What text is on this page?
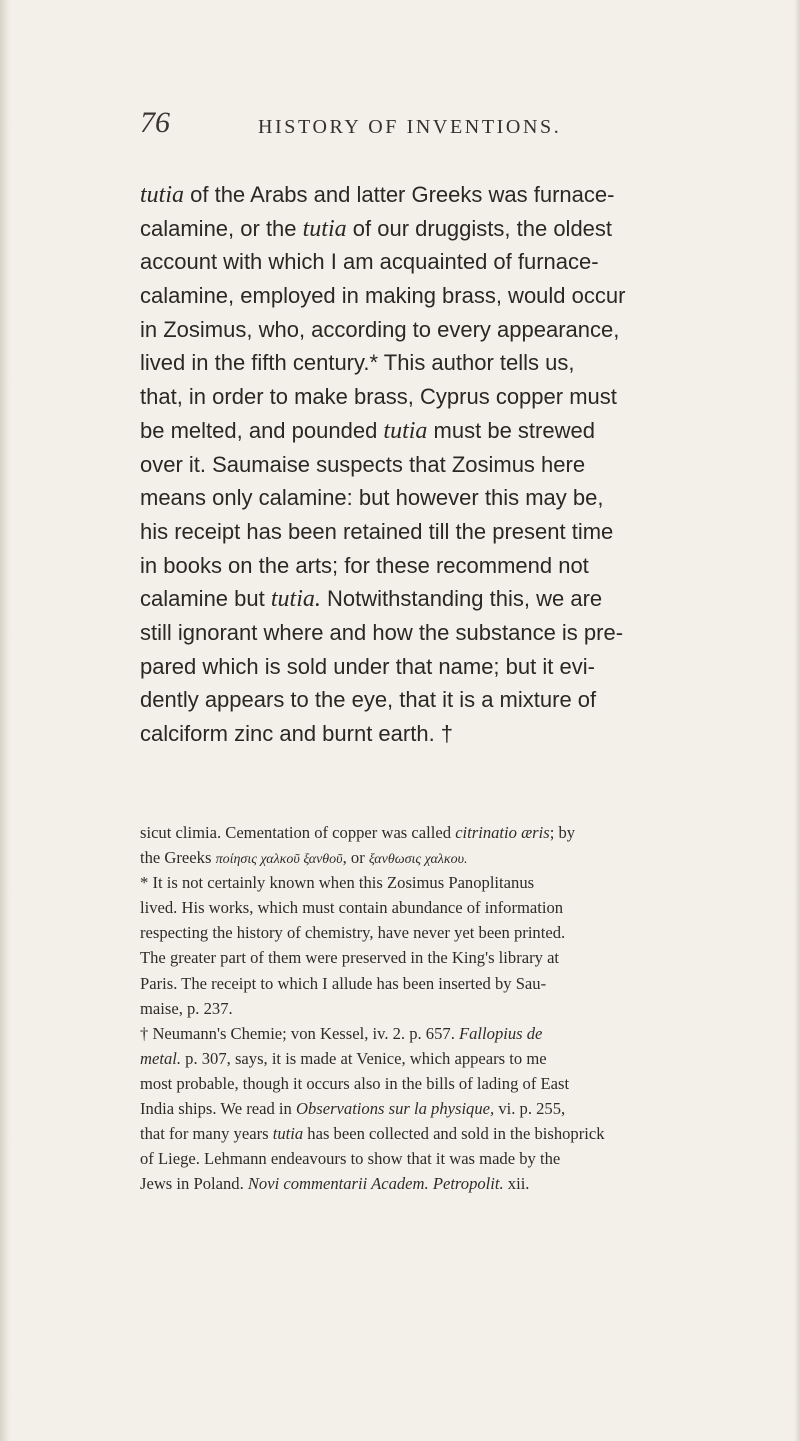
76	HISTORY OF INVENTIONS.
tutia of the Arabs and latter Greeks was furnace-
calamine, or the tutia of our druggists, the oldest
account with which I am acquainted of furnace-
calamine, employed in making brass, would occur
in Zosimus, who, according to every appearance,
lived in the fifth century.* This author tells us,
that, in order to make brass, Cyprus copper must
be melted, and pounded tutia must be strewed
over it. Saumaise suspects that Zosimus here
means only calamine: but however this may be,
his receipt has been retained till the present time
in books on the arts; for these recommend not
calamine but tutia. Notwithstanding this, we are
still ignorant where and how the substance is pre-
pared which is sold under that name; but it evi-
dently appears to the eye, that it is a mixture of
calciform zinc and burnt earth. †
sicut climia. Cementation of copper was called citrinatio æris; by
the Greeks ποίησις χαλκοῦ ξανθοῦ, or ξανθωσις χαλκου.
* It is not certainly known when this Zosimus Panoplitanus
lived. His works, which must contain abundance of information
respecting the history of chemistry, have never yet been printed.
The greater part of them were preserved in the King's library at
Paris. The receipt to which I allude has been inserted by Sau-
maise, p. 237.
† Neumann's Chemie; von Kessel, iv. 2. p. 657. Fallopius de
metal. p. 307, says, it is made at Venice, which appears to me
most probable, though it occurs also in the bills of lading of East
India ships. We read in Observations sur la physique, vi. p. 255,
that for many years tutia has been collected and sold in the bishoprick
of Liege. Lehmann endeavours to show that it was made by the
Jews in Poland. Novi commentarii Academ. Petropolit. xii.
